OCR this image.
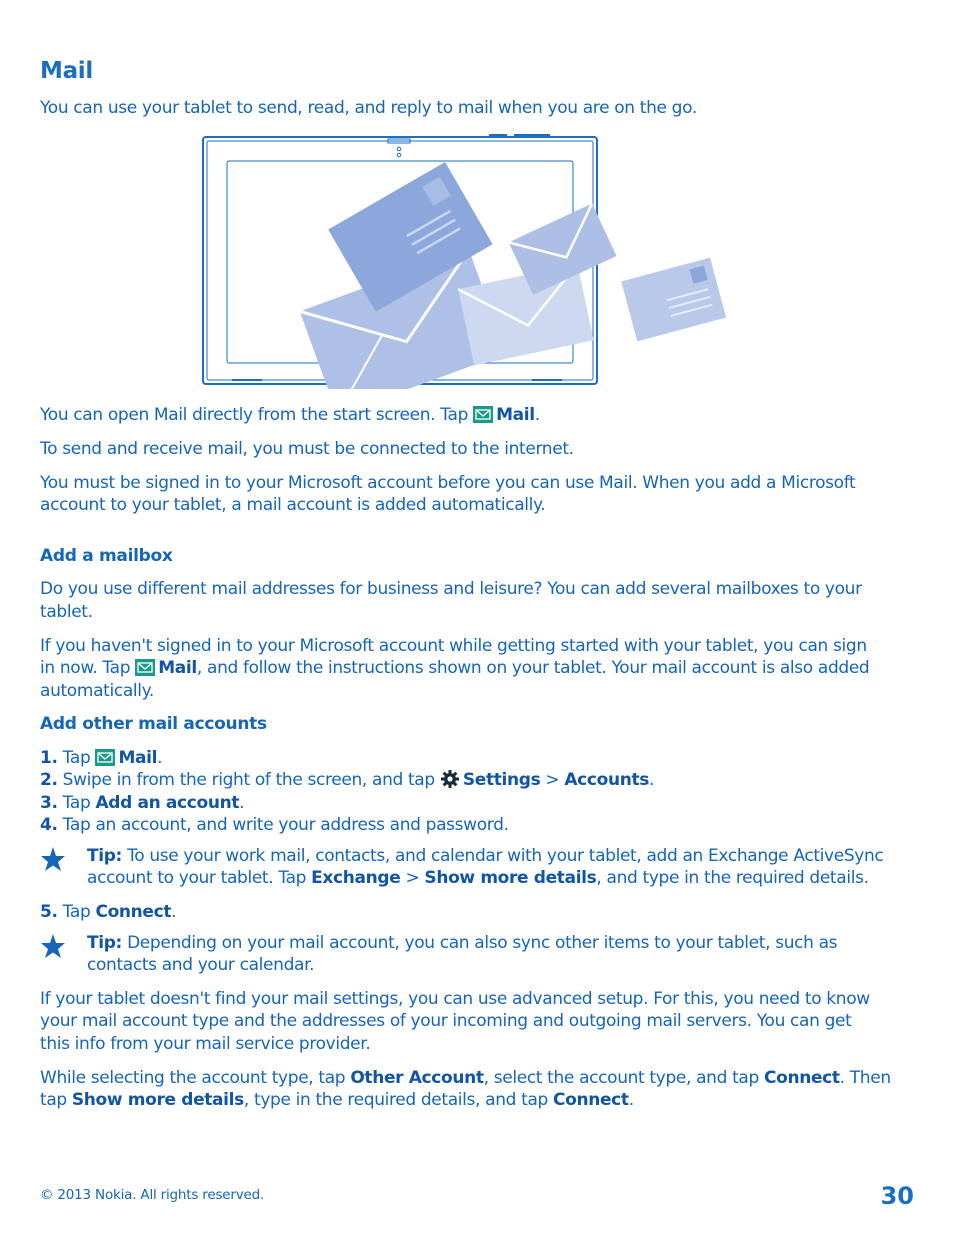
Mail

You can use your tablet to send, read, and reply to mail when you are on the go.

You can open Mail directly from the start screen. Tap Mail.

To send and receive mail, you must be connected to the internet.

You must be signed in to your Microsoft account before you can use Mail. When you add a Microsoft

account to your tablet, a mail account is added automatically.

Add a mailbox

Do you use different mail addresses for business and leisure? You can add several mailboxes to your

tablet.

If you haven't signed in to your Microsoft account while getting started with your tablet, you can sign

in now. Tap Mail, and follow the instructions shown on your tablet. Your mail account is also added

automatically.

Add other mail accounts

1. Tap Mail.

2. Swipe in from the right of the screen, and tap Settings > Accounts.

3. Tap Add an account.

4. Tap an account, and write your address and password.

Tip: To use your work mail, contacts, and calendar with your tablet, add an Exchange ActiveSync

account to your tablet. Tap Exchange > Show more details, and type in the required details.

5. Tap Connect.

Tip: Depending on your mail account, you can also sync other items to your tablet, such as

contacts and your calendar.

If your tablet doesn't find your mail settings, you can use advanced setup. For this, you need to know

your mail account type and the addresses of your incoming and outgoing mail servers. You can get

this info from your mail service provider.

While selecting the account type, tap Other Account, select the account type, and tap Connect. Then

tap Show more details, type in the required details, and tap Connect.

© 2013 Nokia. All rights reserved.	30
